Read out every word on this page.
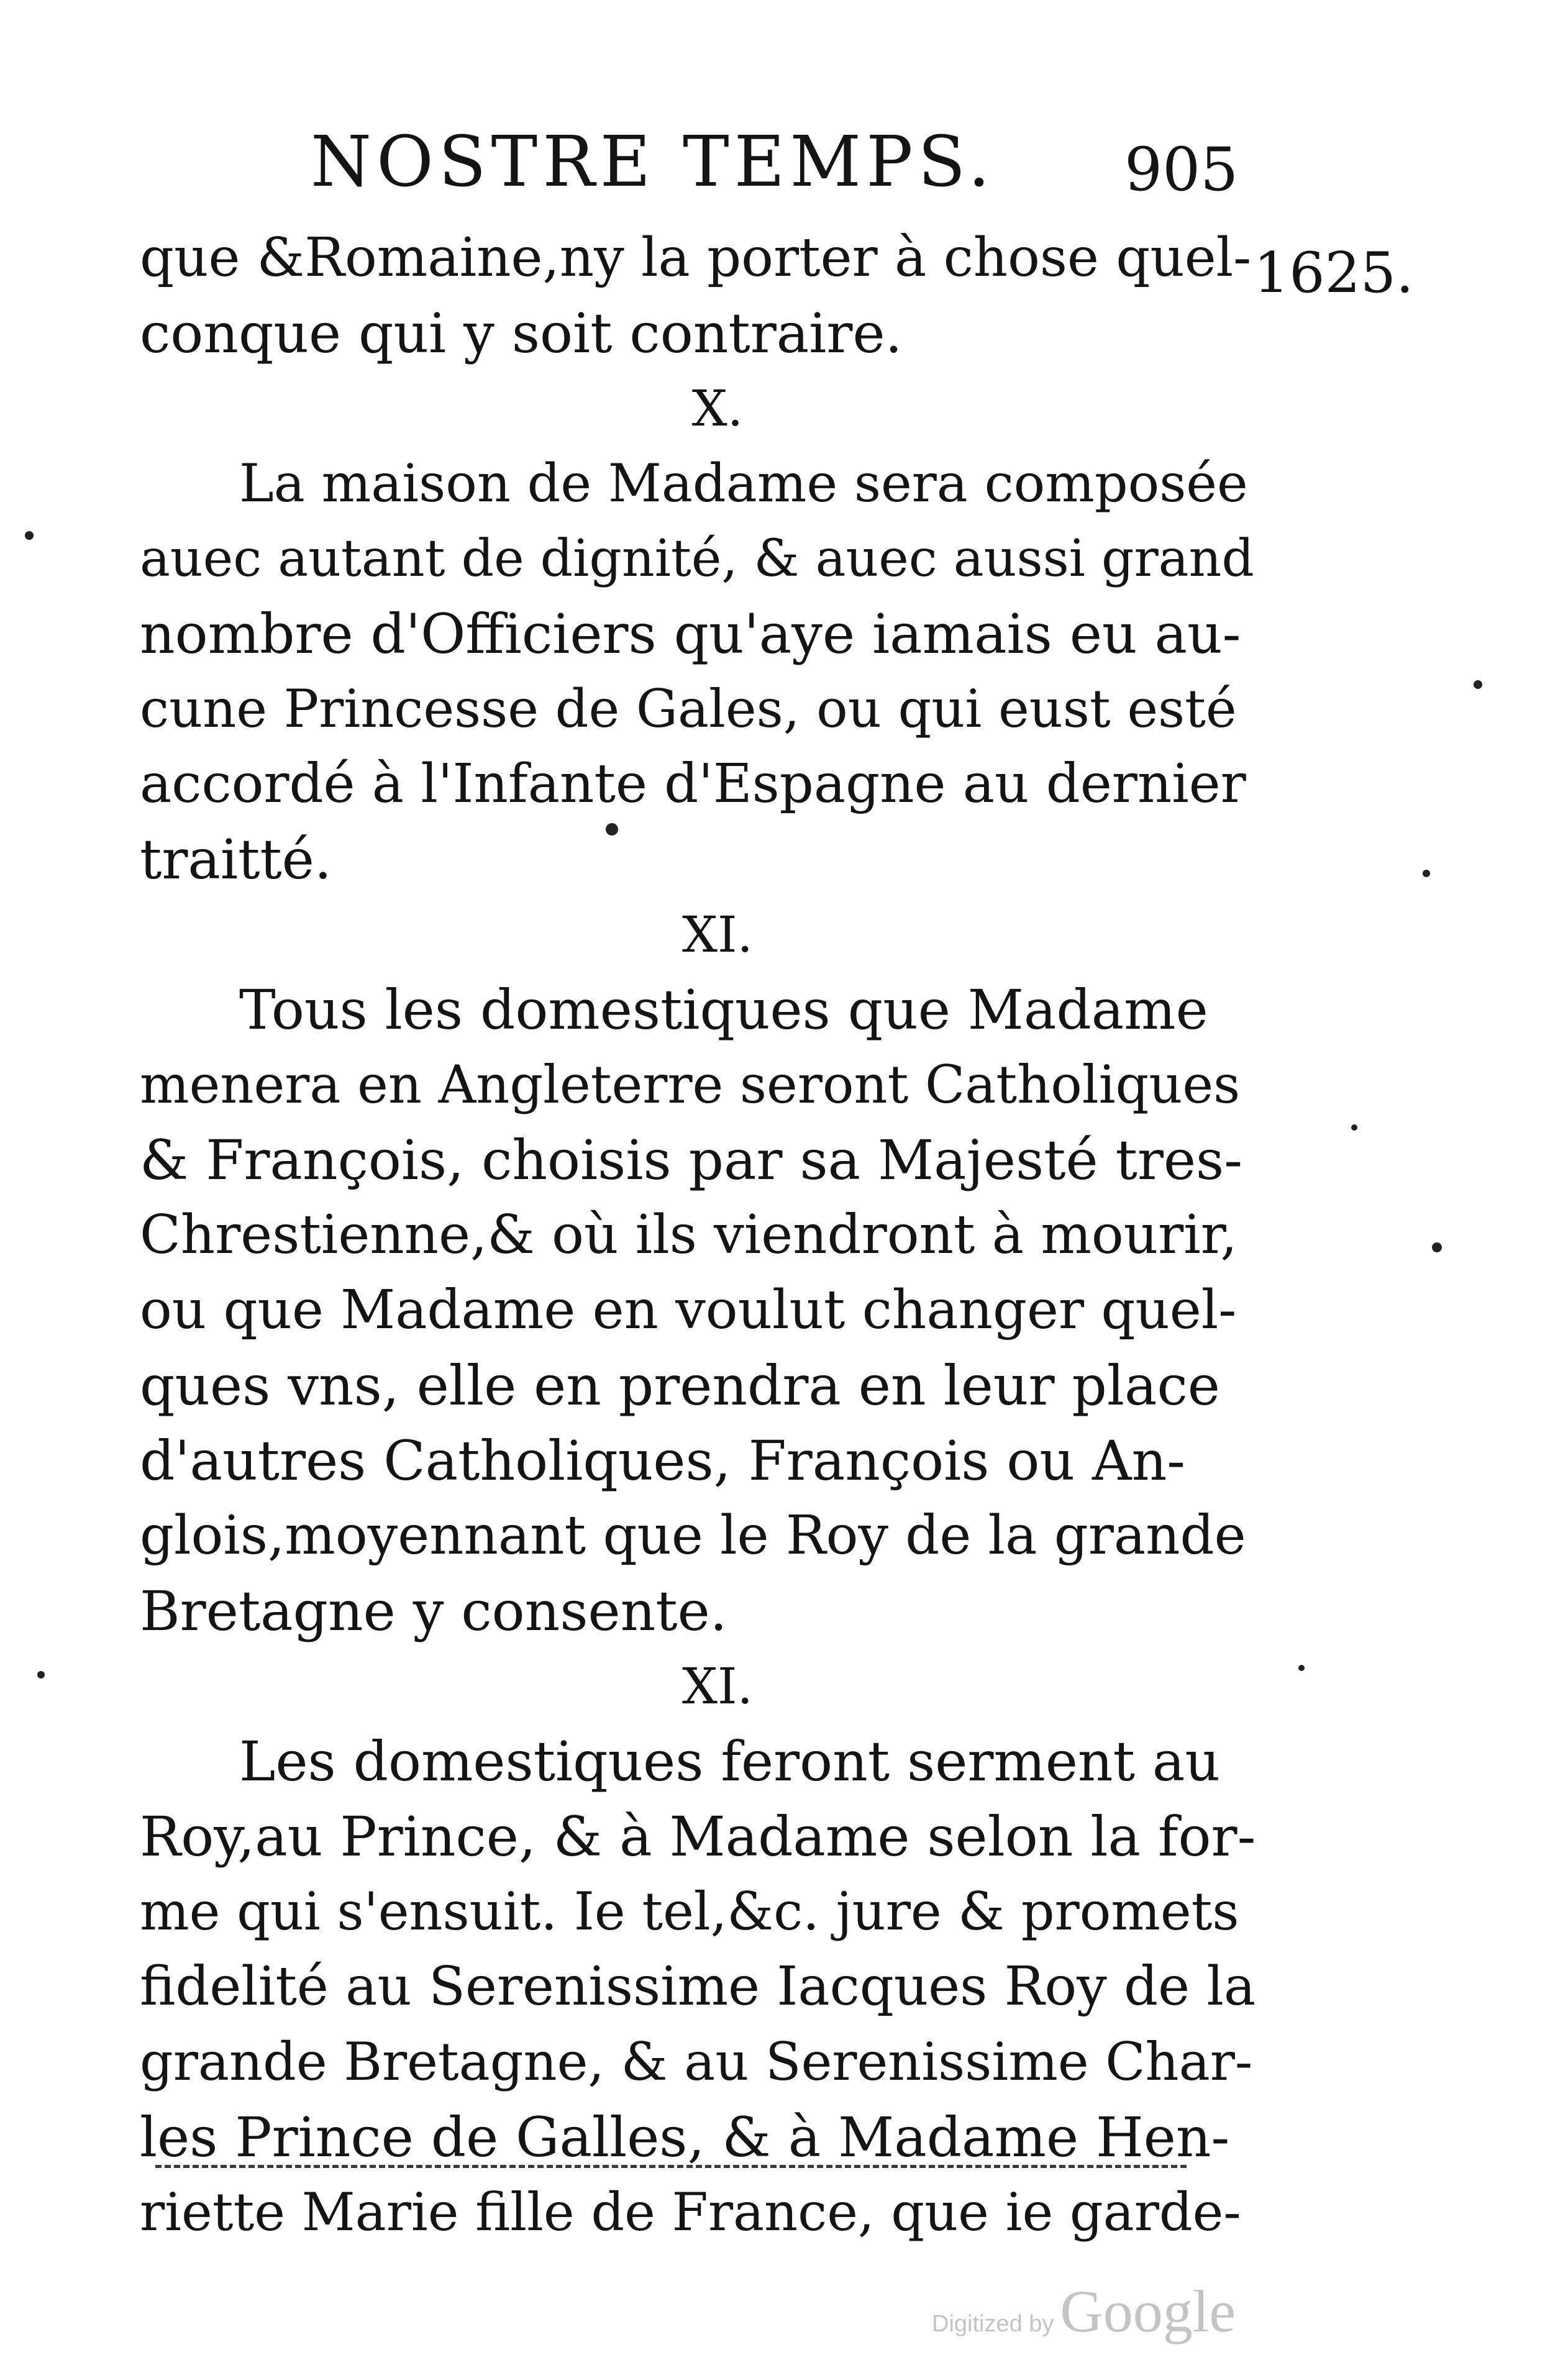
NOSTRE TEMPS. 905
1625.
que &Romaine,ny la porter à chose quel-
conque qui y soit contraire.
X.
La maison de Madame sera composée
auec autant de dignité, & auec aussi grand
nombre d'Officiers qu'aye iamais eu au-
cune Princesse de Gales, ou qui eust esté
accordé à l'Infante d'Espagne au dernier
traitté.
XI.
Tous les domestiques que Madame
menera en Angleterre seront Catholiques
& François, choisis par sa Majesté tres-
Chrestienne,& où ils viendront à mourir,
ou que Madame en voulut changer quel-
ques vns, elle en prendra en leur place
d'autres Catholiques, François ou An-
glois,moyennant que le Roy de la grande
Bretagne y consente.
XI.
Les domestiques feront serment au
Roy,au Prince, & à Madame selon la for-
me qui s'ensuit. Ie tel,&c. jure & promets
fidelité au Serenissime Iacques Roy de la
grande Bretagne, & au Serenissime Char-
les Prince de Galles, & à Madame Hen-
riette Marie fille de France, que ie garde-
Digitized by Google
